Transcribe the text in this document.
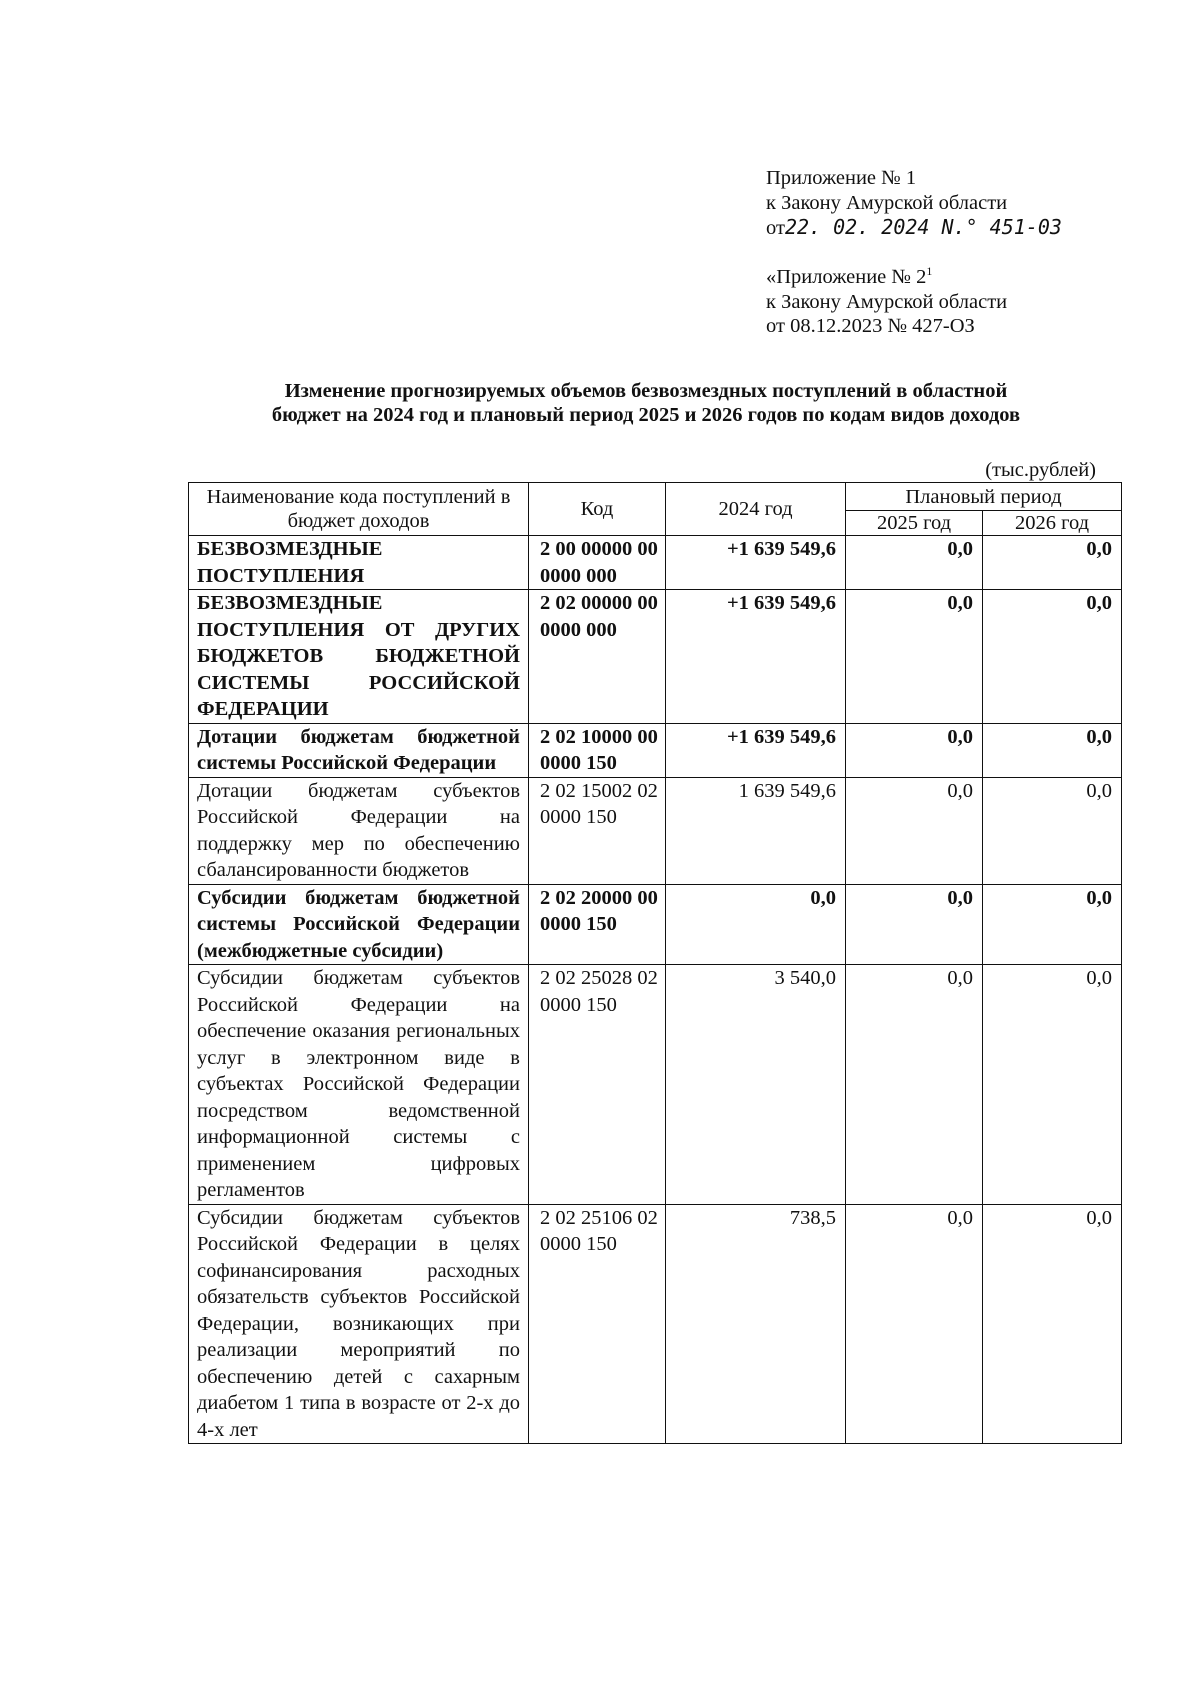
Приложение № 1
к Закону Амурской области
от22. 02. 2024 N.° 451-03
«Приложение № $2^1$
к Закону Амурской области
от 08.12.2023 № 427-ОЗ
Изменение прогнозируемых объемов безвозмездных поступлений в областной
бюджет на 2024 год и плановый период 2025 и 2026 годов по кодам видов доходов
(тыс.рублей)
Наименование кода поступлений в бюджет доходов	Код	2024 год	Плановый период	
			2025 год	2026 год
БЕЗВОЗМЕЗДНЫЕ ПОСТУПЛЕНИЯ	2 00 00000 00 0000 000	+1 639 549,6	0,0	0,0
БЕЗВОЗМЕЗДНЫЕ ПОСТУПЛЕНИЯ ОТ ДРУГИХ БЮДЖЕТОВ БЮДЖЕТНОЙ СИСТЕМЫ РОССИЙСКОЙ ФЕДЕРАЦИИ	2 02 00000 00 0000 000	+1 639 549,6	0,0	0,0
Дотации бюджетам бюджетной системы Российской Федерации	2 02 10000 00 0000 150	+1 639 549,6	0,0	0,0
Дотации бюджетам субъектов Российской Федерации на поддержку мер по обеспечению сбалансированности бюджетов	2 02 15002 02 0000 150	1 639 549,6	0,0	0,0
Субсидии бюджетам бюджетной системы Российской Федерации (межбюджетные субсидии)	2 02 20000 00 0000 150	0,0	0,0	0,0
Субсидии бюджетам субъектов Российской Федерации на обеспечение оказания региональных услуг в электронном виде в субъектах Российской Федерации посредством ведомственной информационной системы с применением цифровых регламентов	2 02 25028 02 0000 150	3 540,0	0,0	0,0
Субсидии бюджетам субъектов Российской Федерации в целях софинансирования расходных обязательств субъектов Российской Федерации, возникающих при реализации мероприятий по обеспечению детей с сахарным диабетом 1 типа в возрасте от 2-х до 4-х лет	2 02 25106 02 0000 150	738,5	0,0	0,0
